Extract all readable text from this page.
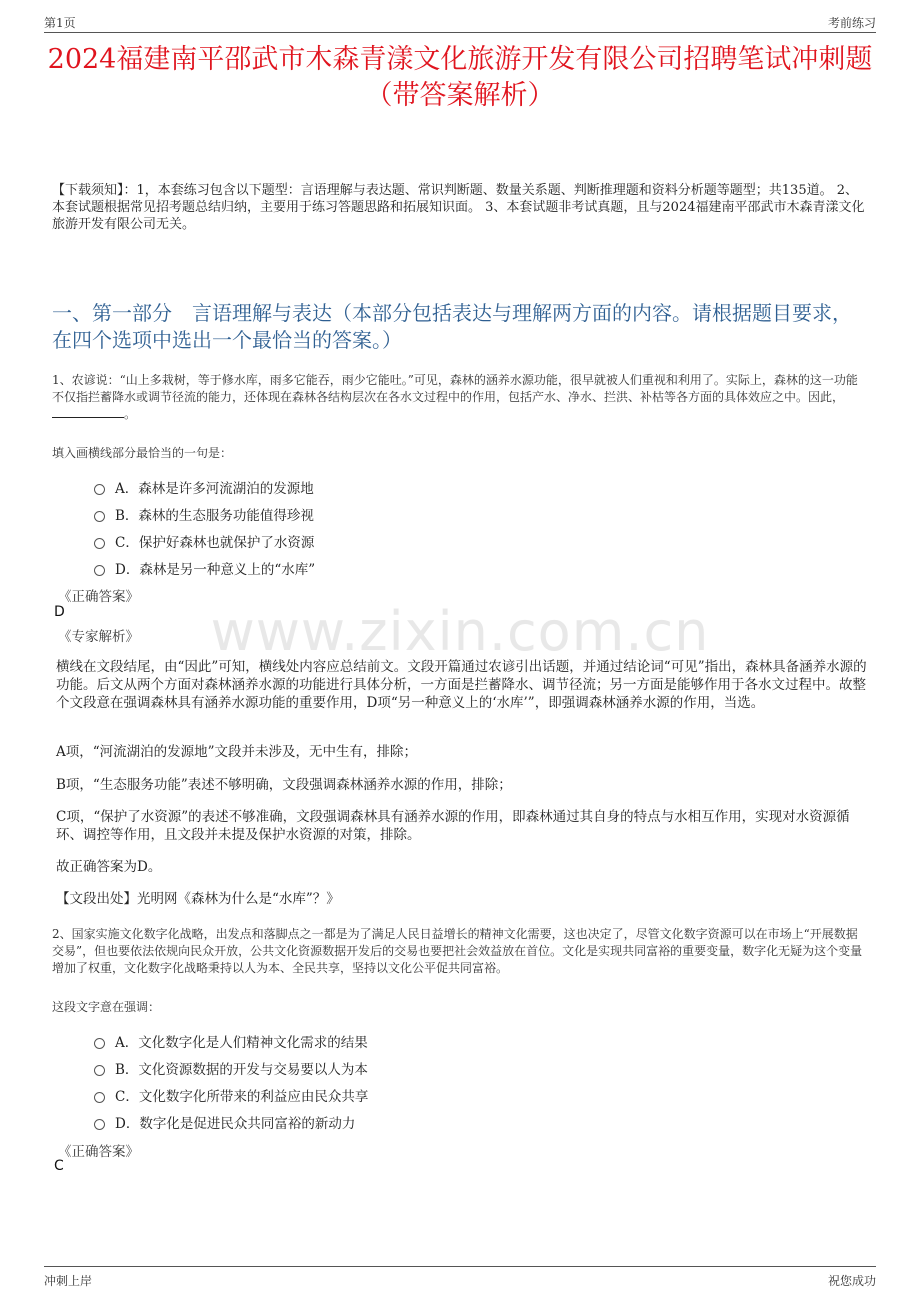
第1页	考前练习
2024福建南平邵武市木森青漾文化旅游开发有限公司招聘笔试冲刺题（带答案解析）
【下载须知】：1，本套练习包含以下题型：言语理解与表达题、常识判断题、数量关系题、判断推理题和资料分析题等题型；共135道。 2、本套试题根据常见招考题总结归纳，主要用于练习答题思路和拓展知识面。 3、本套试题非考试真题，且与2024福建南平邵武市木森青漾文化旅游开发有限公司无关。
一、第一部分　言语理解与表达（本部分包括表达与理解两方面的内容。请根据题目要求，在四个选项中选出一个最恰当的答案。）
www.zixin.com.cn
1、农谚说：“山上多栽树，等于修水库，雨多它能吞，雨少它能吐。”可见，森林的涵养水源功能，很早就被人们重视和利用了。实际上，森林的这一功能不仅指拦蓄降水或调节径流的能力，还体现在森林各结构层次在各水文过程中的作用，包括产水、净水、拦洪、补枯等各方面的具体效应之中。因此，。
填入画横线部分最恰当的一句是：
A．森林是许多河流湖泊的发源地
B．森林的生态服务功能值得珍视
C．保护好森林也就保护了水资源
D．森林是另一种意义上的“水库”
《正确答案》
D
《专家解析》
横线在文段结尾，由“因此”可知，横线处内容应总结前文。文段开篇通过农谚引出话题，并通过结论词“可见”指出，森林具备涵养水源的功能。后文从两个方面对森林涵养水源的功能进行具体分析，一方面是拦蓄降水、调节径流；另一方面是能够作用于各水文过程中。故整个文段意在强调森林具有涵养水源功能的重要作用，D项“另一种意义上的‘水库’”，即强调森林涵养水源的作用，当选。
A项，“河流湖泊的发源地”文段并未涉及，无中生有，排除；
B项，“生态服务功能”表述不够明确，文段强调森林涵养水源的作用，排除；
C项，“保护了水资源”的表述不够准确，文段强调森林具有涵养水源的作用，即森林通过其自身的特点与水相互作用，实现对水资源循环、调控等作用，且文段并未提及保护水资源的对策，排除。
故正确答案为D。
【文段出处】光明网《森林为什么是“水库”？》
2、国家实施文化数字化战略，出发点和落脚点之一都是为了满足人民日益增长的精神文化需要，这也决定了，尽管文化数字资源可以在市场上“开展数据交易”，但也要依法依规向民众开放，公共文化资源数据开发后的交易也要把社会效益放在首位。文化是实现共同富裕的重要变量，数字化无疑为这个变量增加了权重，文化数字化战略秉持以人为本、全民共享，坚持以文化公平促共同富裕。
这段文字意在强调：
A．文化数字化是人们精神文化需求的结果
B．文化资源数据的开发与交易要以人为本
C．文化数字化所带来的利益应由民众共享
D．数字化是促进民众共同富裕的新动力
《正确答案》
C
冲刺上岸	祝您成功
